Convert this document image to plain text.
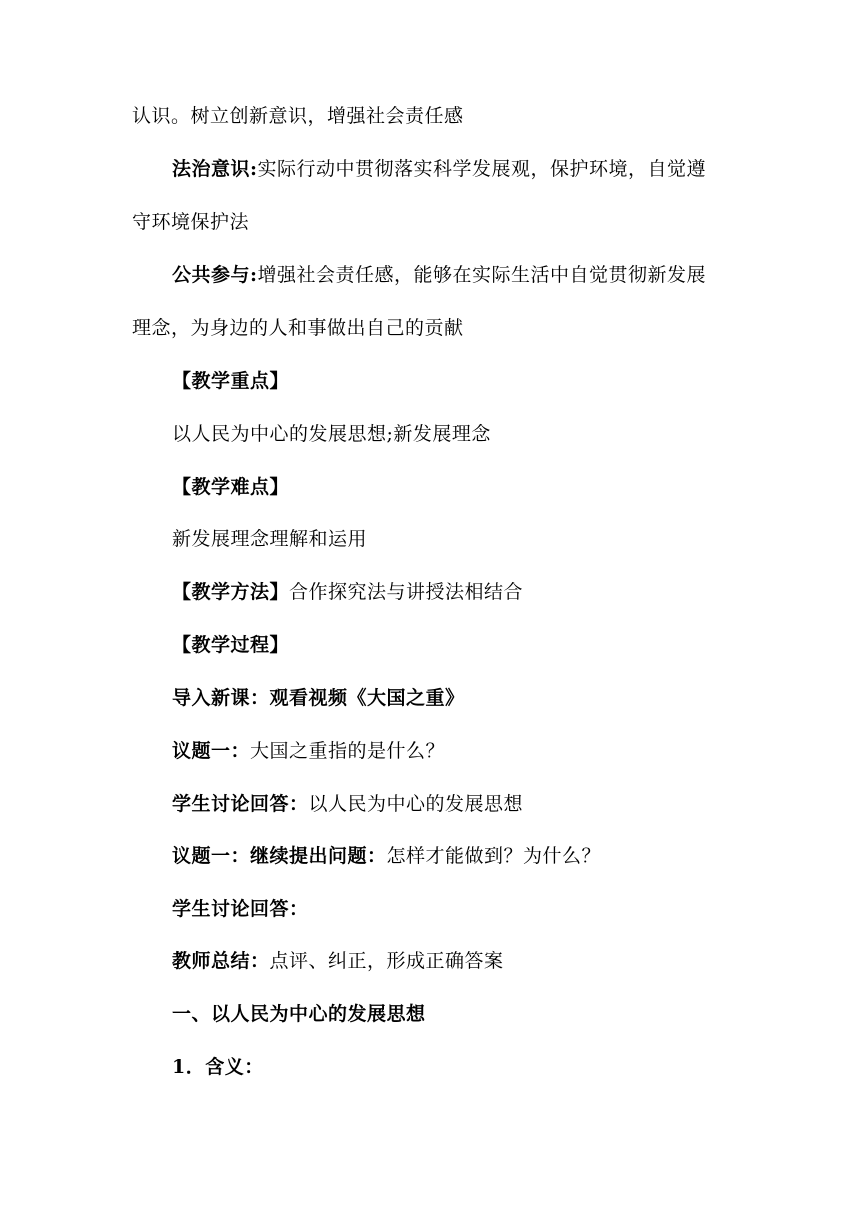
认识。树立创新意识，增强社会责任感
法治意识:实际行动中贯彻落实科学发展观，保护环境，自觉遵
守环境保护法
公共参与:增强社会责任感，能够在实际生活中自觉贯彻新发展
理念，为身边的人和事做出自己的贡献
【教学重点】
以人民为中心的发展思想;新发展理念
【教学难点】
新发展理念理解和运用
【教学方法】合作探究法与讲授法相结合
【教学过程】
导入新课：观看视频《大国之重》
议题一：大国之重指的是什么？
学生讨论回答：以人民为中心的发展思想
议题一：继续提出问题：怎样才能做到？为什么？
学生讨论回答：
教师总结：点评、纠正，形成正确答案
一、以人民为中心的发展思想
1．含义：
